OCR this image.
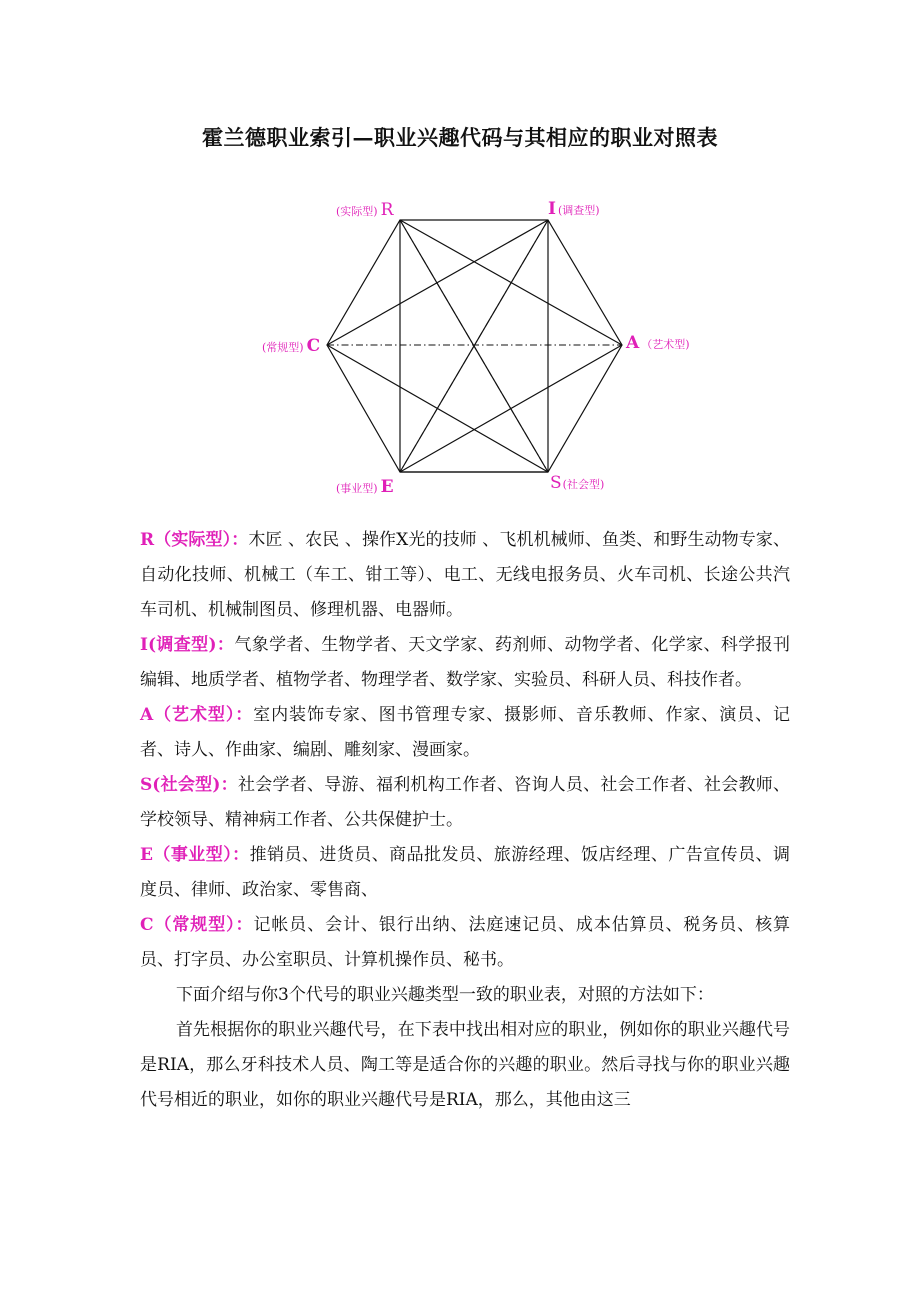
霍兰德职业索引—职业兴趣代码与其相应的职业对照表
(实际型) R	I (调查型)
A （艺术型)
S(社会型)
(事业型) E
(常规型) C

R（实际型）：木匠 、农民 、操作X光的技师 、飞机机械师、鱼类、和野生动物专家、自动化技师、机械工（车工、钳工等）、电工、无线电报务员、火车司机、长途公共汽车司机、机械制图员、修理机器、电器师。

I(调查型)：气象学者、生物学者、天文学家、药剂师、动物学者、化学家、科学报刊编辑、地质学者、植物学者、物理学者、数学家、实验员、科研人员、科技作者。

A（艺术型）：室内装饰专家、图书管理专家、摄影师、音乐教师、作家、演员、记者、诗人、作曲家、编剧、雕刻家、漫画家。

S(社会型)：社会学者、导游、福利机构工作者、咨询人员、社会工作者、社会教师、学校领导、精神病工作者、公共保健护士。

E（事业型）：推销员、进货员、商品批发员、旅游经理、饭店经理、广告宣传员、调度员、律师、政治家、零售商、

C（常规型）：记帐员、会计、银行出纳、法庭速记员、成本估算员、税务员、核算员、打字员、办公室职员、计算机操作员、秘书。

下面介绍与你3个代号的职业兴趣类型一致的职业表，对照的方法如下：

首先根据你的职业兴趣代号，在下表中找出相对应的职业，例如你的职业兴趣代号是RIA，那么牙科技术人员、陶工等是适合你的兴趣的职业。然后寻找与你的职业兴趣代号相近的职业，如你的职业兴趣代号是RIA，那么，其他由这三
